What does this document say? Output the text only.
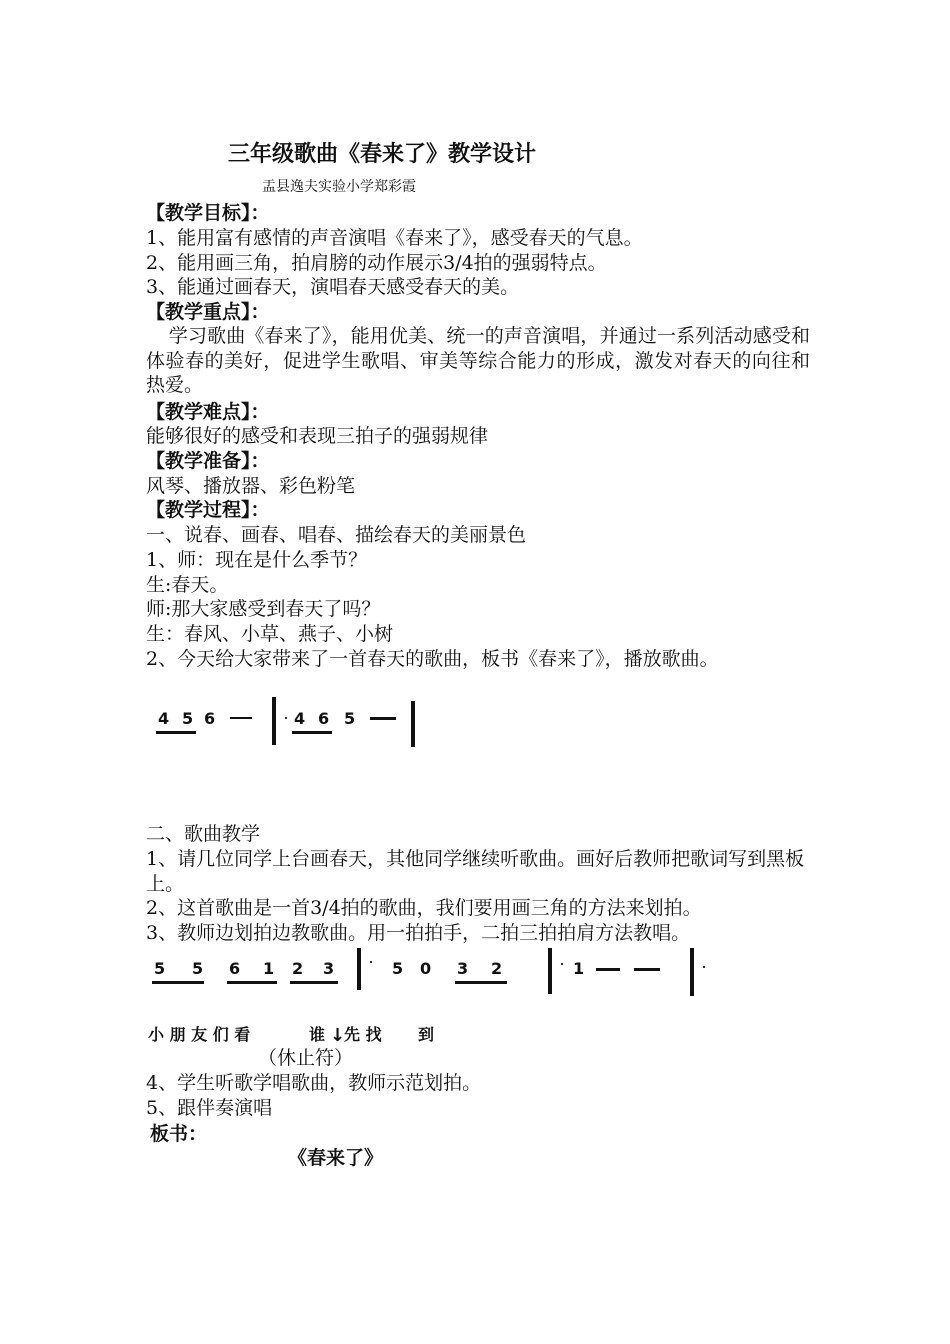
三年级歌曲《春来了》教学设计
盂县逸夫实验小学郑彩霞
【教学目标】：
1、能用富有感情的声音演唱《春来了》，感受春天的气息。
2、能用画三角，拍肩膀的动作展示3/4拍的强弱特点。
3、能通过画春天，演唱春天感受春天的美。
【教学重点】：
学习歌曲《春来了》，能用优美、统一的声音演唱，并通过一系列活动感受和体验春的美好，促进学生歌唱、审美等综合能力的形成，激发对春天的向往和热爱。
【教学难点】：
能够很好的感受和表现三拍子的强弱规律
【教学准备】：
风琴、播放器、彩色粉笔
【教学过程】：
一、说春、画春、唱春、描绘春天的美丽景色
1、师：现在是什么季节？
生:春天。
师:那大家感受到春天了吗？
生：春风、小草、燕子、小树
2、今天给大家带来了一首春天的歌曲，板书《春来了》，播放歌曲。
4 5 6	4 6 5
二、歌曲教学
1、请几位同学上台画春天，其他同学继续听歌曲。画好后教师把歌词写到黑板上。
2、这首歌曲是一首3/4拍的歌曲，我们要用画三角的方法来划拍。
3、教师边划拍边教歌曲。用一拍拍手，二拍三拍拍肩方法教唱。
5 5 6 1 2 3	5 0 3 2	1
小 朋 友 们 看	谁 ↓
先 找 到
（休止符）
4、学生听歌学唱歌曲，教师示范划拍。
5、跟伴奏演唱
板书：
《春来了》
